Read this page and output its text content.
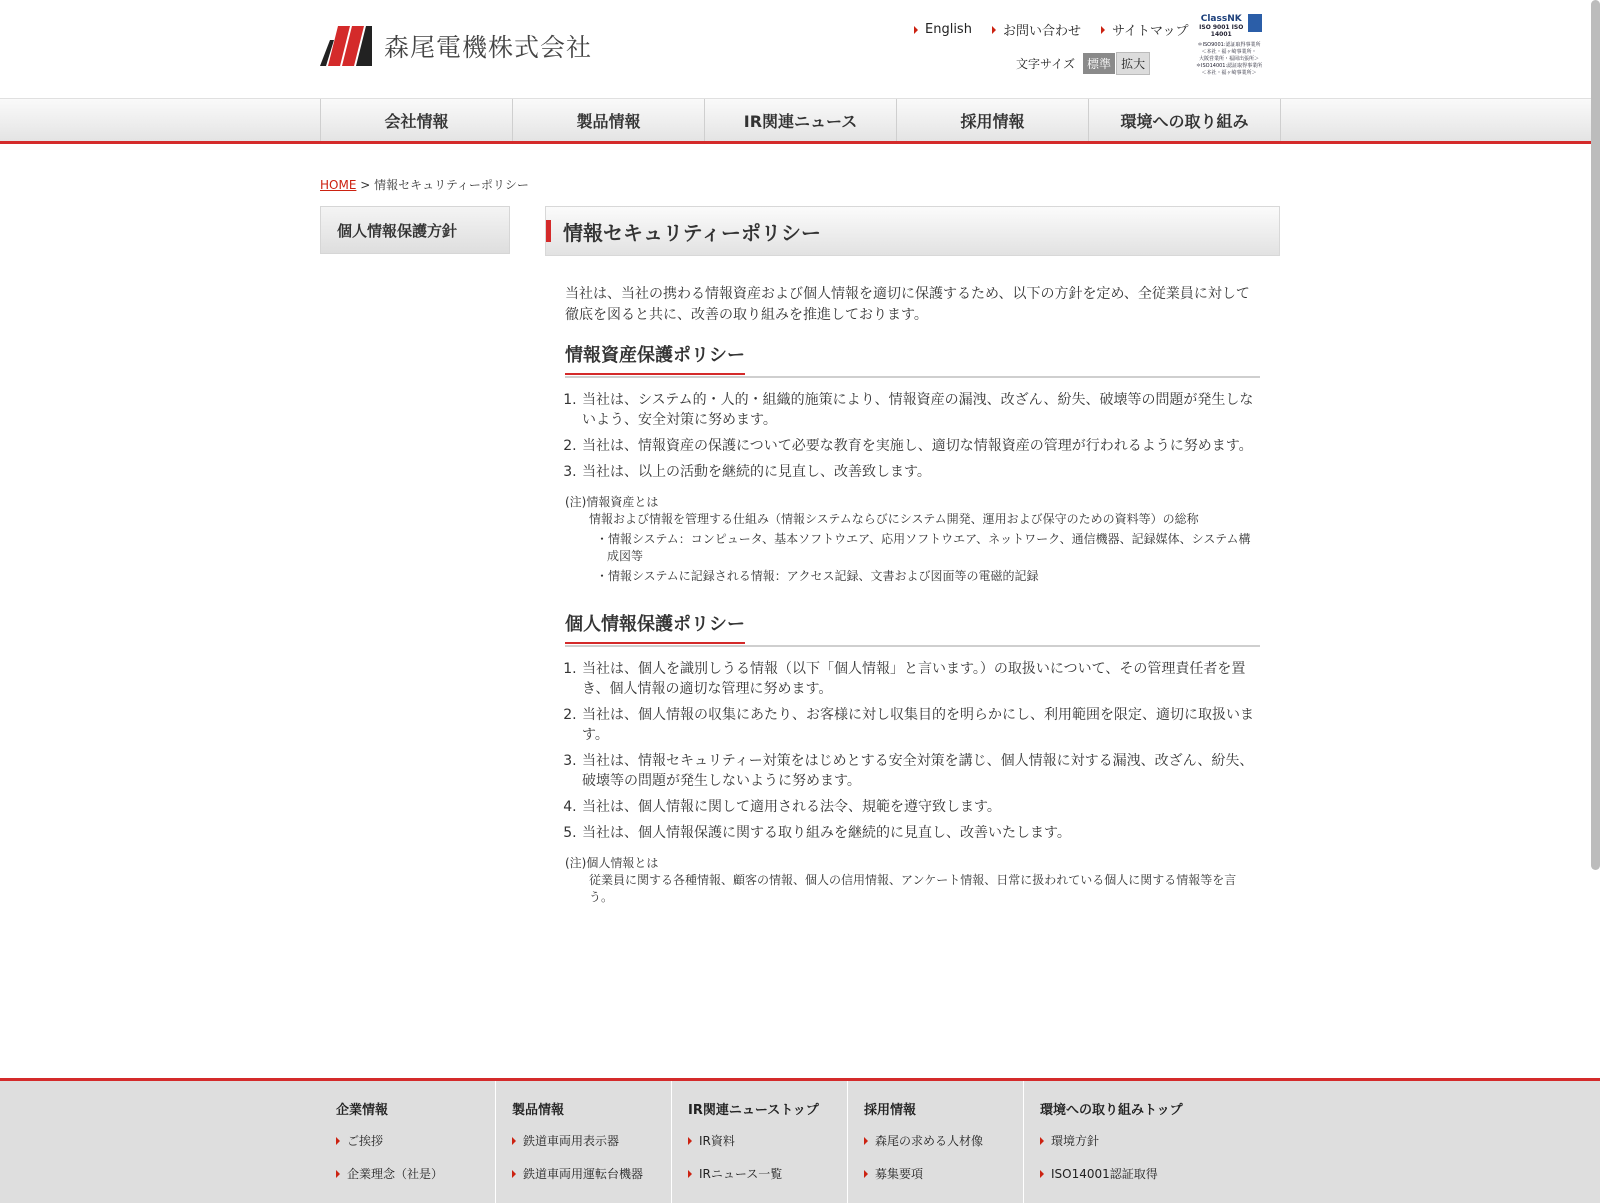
森尾電機株式会社
English お問い合わせ サイトマップ
文字サイズ	標準 拡大
ClassNK
ISO 9001 ISO 14001
＊ISO9001:認証取得事業所
＜本社・福ヶ崎事業所・
大阪営業所・福岡出張所＞
＊ISO14001:認証取得事業所
＜本社・福ヶ崎事業所＞
会社情報	製品情報	IR関連ニュース	採用情報	環境への取り組み
HOME > 情報セキュリティーポリシー
個人情報保護方針	情報セキュリティーポリシー

当社は、当社の携わる情報資産および個人情報を適切に保護するため、以下の方針を定め、全従業員に対して徹底を図ると共に、改善の取り組みを推進しております。

情報資産保護ポリシー
1. 当社は、システム的・人的・組織的施策により、情報資産の漏洩、改ざん、紛失、破壊等の問題が発生しないよう、安全対策に努めます。
2. 当社は、情報資産の保護について必要な教育を実施し、適切な情報資産の管理が行われるように努めます。
3. 当社は、以上の活動を継続的に見直し、改善致します。
(注)情報資産とは
情報および情報を管理する仕組み（情報システムならびにシステム開発、運用および保守のための資料等）の総称
・情報システム：コンピュータ、基本ソフトウエア、応用ソフトウエア、ネットワーク、通信機器、記録媒体、システム構成図等
・情報システムに記録される情報：アクセス記録、文書および図面等の電磁的記録
個人情報保護ポリシー
1. 当社は、個人を識別しうる情報（以下「個人情報」と言います。）の取扱いについて、その管理責任者を置き、個人情報の適切な管理に努めます。
2. 当社は、個人情報の収集にあたり、お客様に対し収集目的を明らかにし、利用範囲を限定、適切に取扱います。
3. 当社は、情報セキュリティー対策をはじめとする安全対策を講じ、個人情報に対する漏洩、改ざん、紛失、破壊等の問題が発生しないように努めます。
4. 当社は、個人情報に関して適用される法令、規範を遵守致します。
5. 当社は、個人情報保護に関する取り組みを継続的に見直し、改善いたします。
(注)個人情報とは
従業員に関する各種情報、顧客の情報、個人の信用情報、アンケート情報、日常に扱われている個人に関する情報等を言う。
企業情報
ご挨拶
企業理念（社是）
製品情報
鉄道車両用表示器
鉄道車両用運転台機器
IR関連ニューストップ
IR資料
IRニュース一覧
採用情報
森尾の求める人材像
募集要項
環境への取り組みトップ
環境方針
ISO14001認証取得
